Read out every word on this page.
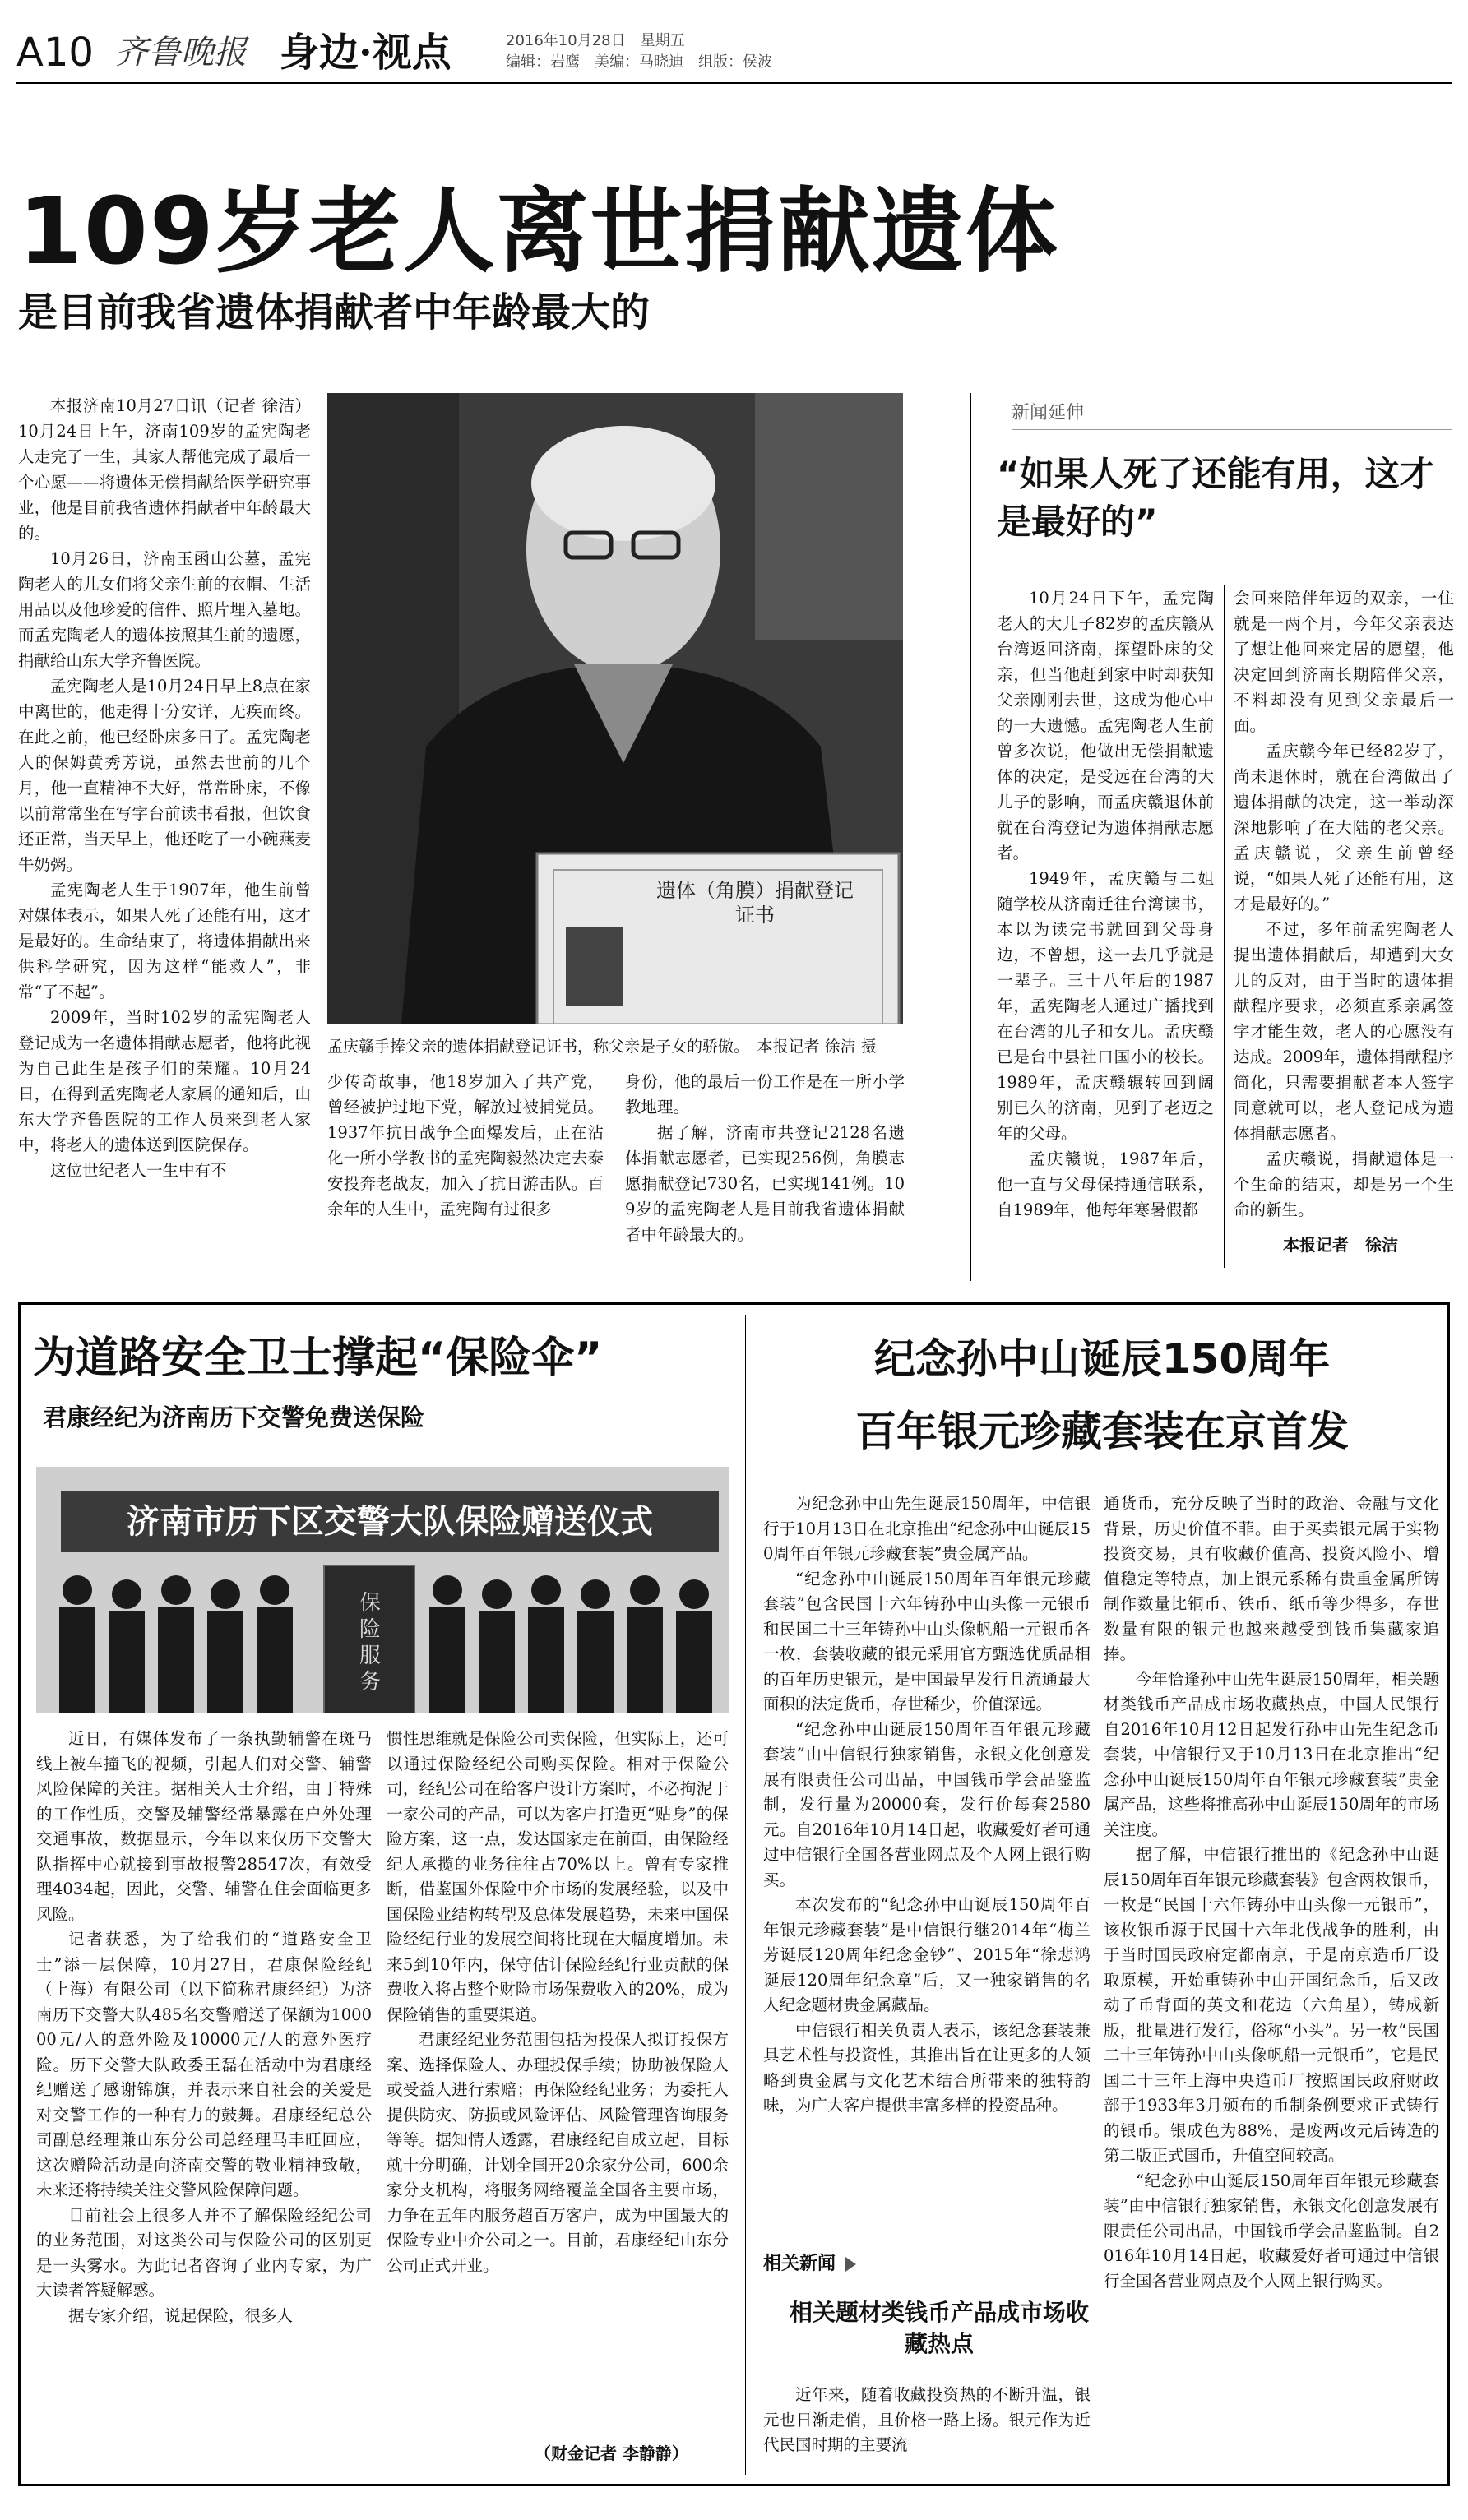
A10 齐鲁晚报 身边·视点	2016年10月28日　星期五
编辑：岩鹰　美编：马晓迪　组版：侯波
109岁老人离世捐献遗体
是目前我省遗体捐献者中年龄最大的
遗体（角膜）捐献登记证书
孟庆赣手捧父亲的遗体捐献登记证书，称父亲是子女的骄傲。　本报记者 徐洁 摄

本报济南10月27日讯（记者 徐洁）10月24日上午，济南109岁的孟宪陶老人走完了一生，其家人帮他完成了最后一个心愿——将遗体无偿捐献给医学研究事业，他是目前我省遗体捐献者中年龄最大的。

10月26日，济南玉函山公墓，孟宪陶老人的儿女们将父亲生前的衣帽、生活用品以及他珍爱的信件、照片埋入墓地。而孟宪陶老人的遗体按照其生前的遗愿，捐献给山东大学齐鲁医院。

孟宪陶老人是10月24日早上8点在家中离世的，他走得十分安详，无疾而终。在此之前，他已经卧床多日了。孟宪陶老人的保姆黄秀芳说，虽然去世前的几个月，他一直精神不大好，常常卧床，不像以前常常坐在写字台前读书看报，但饮食还正常，当天早上，他还吃了一小碗燕麦牛奶粥。

孟宪陶老人生于1907年，他生前曾对媒体表示，如果人死了还能有用，这才是最好的。生命结束了，将遗体捐献出来供科学研究，因为这样“能救人”，非常“了不起”。

2009年，当时102岁的孟宪陶老人登记成为一名遗体捐献志愿者，他将此视为自己此生是孩子们的荣耀。10月24日，在得到孟宪陶老人家属的通知后，山东大学齐鲁医院的工作人员来到老人家中，将老人的遗体送到医院保存。

这位世纪老人一生中有不

少传奇故事，他18岁加入了共产党，曾经被护过地下党，解放过被捕党员。1937年抗日战争全面爆发后，正在沾化一所小学教书的孟宪陶毅然决定去泰安投奔老战友，加入了抗日游击队。百余年的人生中，孟宪陶有过很多

身份，他的最后一份工作是在一所小学教地理。

据了解，济南市共登记2128名遗体捐献志愿者，已实现256例，角膜志愿捐献登记730名，已实现141例。109岁的孟宪陶老人是目前我省遗体捐献者中年龄最大的。

新闻延伸
“如果人死了还能有用，这才是最好的”

10月24日下午，孟宪陶老人的大儿子82岁的孟庆赣从台湾返回济南，探望卧床的父亲，但当他赶到家中时却获知父亲刚刚去世，这成为他心中的一大遗憾。孟宪陶老人生前曾多次说，他做出无偿捐献遗体的决定，是受远在台湾的大儿子的影响，而孟庆赣退休前就在台湾登记为遗体捐献志愿者。

1949年，孟庆赣与二姐随学校从济南迁往台湾读书，本以为读完书就回到父母身边，不曾想，这一去几乎就是一辈子。三十八年后的1987年，孟宪陶老人通过广播找到在台湾的儿子和女儿。孟庆赣已是台中县社口国小的校长。1989年，孟庆赣辗转回到阔别已久的济南，见到了老迈之年的父母。

孟庆赣说，1987年后，他一直与父母保持通信联系，自1989年，他每年寒暑假都

会回来陪伴年迈的双亲，一住就是一两个月，今年父亲表达了想让他回来定居的愿望，他决定回到济南长期陪伴父亲，不料却没有见到父亲最后一面。

孟庆赣今年已经82岁了，尚未退休时，就在台湾做出了遗体捐献的决定，这一举动深深地影响了在大陆的老父亲。孟庆赣说，父亲生前曾经说，“如果人死了还能有用，这才是最好的。”

不过，多年前孟宪陶老人提出遗体捐献后，却遭到大女儿的反对，由于当时的遗体捐献程序要求，必须直系亲属签字才能生效，老人的心愿没有达成。2009年，遗体捐献程序简化，只需要捐献者本人签字同意就可以，老人登记成为遗体捐献志愿者。

孟庆赣说，捐献遗体是一个生命的结束，却是另一个生命的新生。

本报记者　徐洁
为道路安全卫士撑起“保险伞”
君康经纪为济南历下交警免费送保险
济南市历下区交警大队保险赠送仪式
保险服务

近日，有媒体发布了一条执勤辅警在斑马线上被车撞飞的视频，引起人们对交警、辅警风险保障的关注。据相关人士介绍，由于特殊的工作性质，交警及辅警经常暴露在户外处理交通事故，数据显示，今年以来仅历下交警大队指挥中心就接到事故报警28547次，有效受理4034起，因此，交警、辅警在住会面临更多风险。

记者获悉，为了给我们的“道路安全卫士”添一层保障，10月27日，君康保险经纪（上海）有限公司（以下简称君康经纪）为济南历下交警大队485名交警赠送了保额为100000元/人的意外险及10000元/人的意外医疗险。历下交警大队政委王磊在活动中为君康经纪赠送了感谢锦旗，并表示来自社会的关爱是对交警工作的一种有力的鼓舞。君康经纪总公司副总经理兼山东分公司总经理马丰旺回应，这次赠险活动是向济南交警的敬业精神致敬，未来还将持续关注交警风险保障问题。

目前社会上很多人并不了解保险经纪公司的业务范围，对这类公司与保险公司的区别更是一头雾水。为此记者咨询了业内专家，为广大读者答疑解惑。

据专家介绍，说起保险，很多人

惯性思维就是保险公司卖保险，但实际上，还可以通过保险经纪公司购买保险。相对于保险公司，经纪公司在给客户设计方案时，不必拘泥于一家公司的产品，可以为客户打造更“贴身”的保险方案，这一点，发达国家走在前面，由保险经纪人承揽的业务往往占70%以上。曾有专家推断，借鉴国外保险中介市场的发展经验，以及中国保险业结构转型及总体发展趋势，未来中国保险经纪行业的发展空间将比现在大幅度增加。未来5到10年内，保守估计保险经纪行业贡献的保费收入将占整个财险市场保费收入的20%，成为保险销售的重要渠道。

君康经纪业务范围包括为投保人拟订投保方案、选择保险人、办理投保手续；协助被保险人或受益人进行索赔；再保险经纪业务；为委托人提供防灾、防损或风险评估、风险管理咨询服务等等。据知情人透露，君康经纪自成立起，目标就十分明确，计划全国开20余家分公司，600余家分支机构，将服务网络覆盖全国各主要市场，力争在五年内服务超百万客户，成为中国最大的保险专业中介公司之一。目前，君康经纪山东分公司正式开业。

（财金记者 李静静）
纪念孙中山诞辰150周年
百年银元珍藏套装在京首发

为纪念孙中山先生诞辰150周年，中信银行于10月13日在北京推出“纪念孙中山诞辰150周年百年银元珍藏套装”贵金属产品。

“纪念孙中山诞辰150周年百年银元珍藏套装”包含民国十六年铸孙中山头像一元银币和民国二十三年铸孙中山头像帆船一元银币各一枚，套装收藏的银元采用官方甄选优质品相的百年历史银元，是中国最早发行且流通最大面积的法定货币，存世稀少，价值深远。

“纪念孙中山诞辰150周年百年银元珍藏套装”由中信银行独家销售，永银文化创意发展有限责任公司出品，中国钱币学会品鉴监制，发行量为20000套，发行价每套2580元。自2016年10月14日起，收藏爱好者可通过中信银行全国各营业网点及个人网上银行购买。

本次发布的“纪念孙中山诞辰150周年百年银元珍藏套装”是中信银行继2014年“梅兰芳诞辰120周年纪念金钞”、2015年“徐悲鸿诞辰120周年纪念章”后，又一独家销售的名人纪念题材贵金属藏品。

中信银行相关负责人表示，该纪念套装兼具艺术性与投资性，其推出旨在让更多的人领略到贵金属与文化艺术结合所带来的独特韵味，为广大客户提供丰富多样的投资品种。

相关新闻
相关题材类钱币产品成市场收藏热点

近年来，随着收藏投资热的不断升温，银元也日渐走俏，且价格一路上扬。银元作为近代民国时期的主要流

通货币，充分反映了当时的政治、金融与文化背景，历史价值不菲。由于买卖银元属于实物投资交易，具有收藏价值高、投资风险小、增值稳定等特点，加上银元系稀有贵重金属所铸制作数量比铜币、铁币、纸币等少得多，存世数量有限的银元也越来越受到钱币集藏家追捧。

今年恰逢孙中山先生诞辰150周年，相关题材类钱币产品成市场收藏热点，中国人民银行自2016年10月12日起发行孙中山先生纪念币套装，中信银行又于10月13日在北京推出“纪念孙中山诞辰150周年百年银元珍藏套装”贵金属产品，这些将推高孙中山诞辰150周年的市场关注度。

据了解，中信银行推出的《纪念孙中山诞辰150周年百年银元珍藏套装》包含两枚银币，一枚是“民国十六年铸孙中山头像一元银币”，该枚银币源于民国十六年北伐战争的胜利，由于当时国民政府定都南京，于是南京造币厂设取原模，开始重铸孙中山开国纪念币，后又改动了币背面的英文和花边（六角星），铸成新版，批量进行发行，俗称“小头”。另一枚“民国二十三年铸孙中山头像帆船一元银币”，它是民国二十三年上海中央造币厂按照国民政府财政部于1933年3月颁布的币制条例要求正式铸行的银币。银成色为88%，是废两改元后铸造的第二版正式国币，升值空间较高。

“纪念孙中山诞辰150周年百年银元珍藏套装”由中信银行独家销售，永银文化创意发展有限责任公司出品，中国钱币学会品鉴监制。自2016年10月14日起，收藏爱好者可通过中信银行全国各营业网点及个人网上银行购买。
